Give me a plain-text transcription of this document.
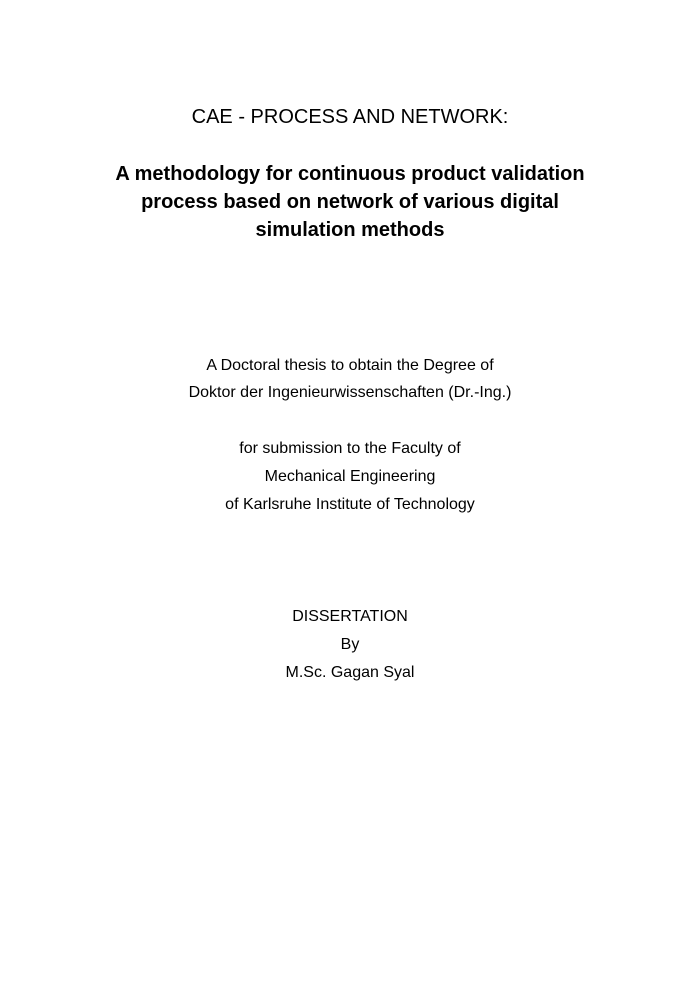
CAE - PROCESS AND NETWORK:
A methodology for continuous product validation
process based on network of various digital
simulation methods
A Doctoral thesis to obtain the Degree of
Doktor der Ingenieurwissenschaften (Dr.-Ing.)
for submission to the Faculty of
Mechanical Engineering
of Karlsruhe Institute of Technology
DISSERTATION
By
M.Sc. Gagan Syal
